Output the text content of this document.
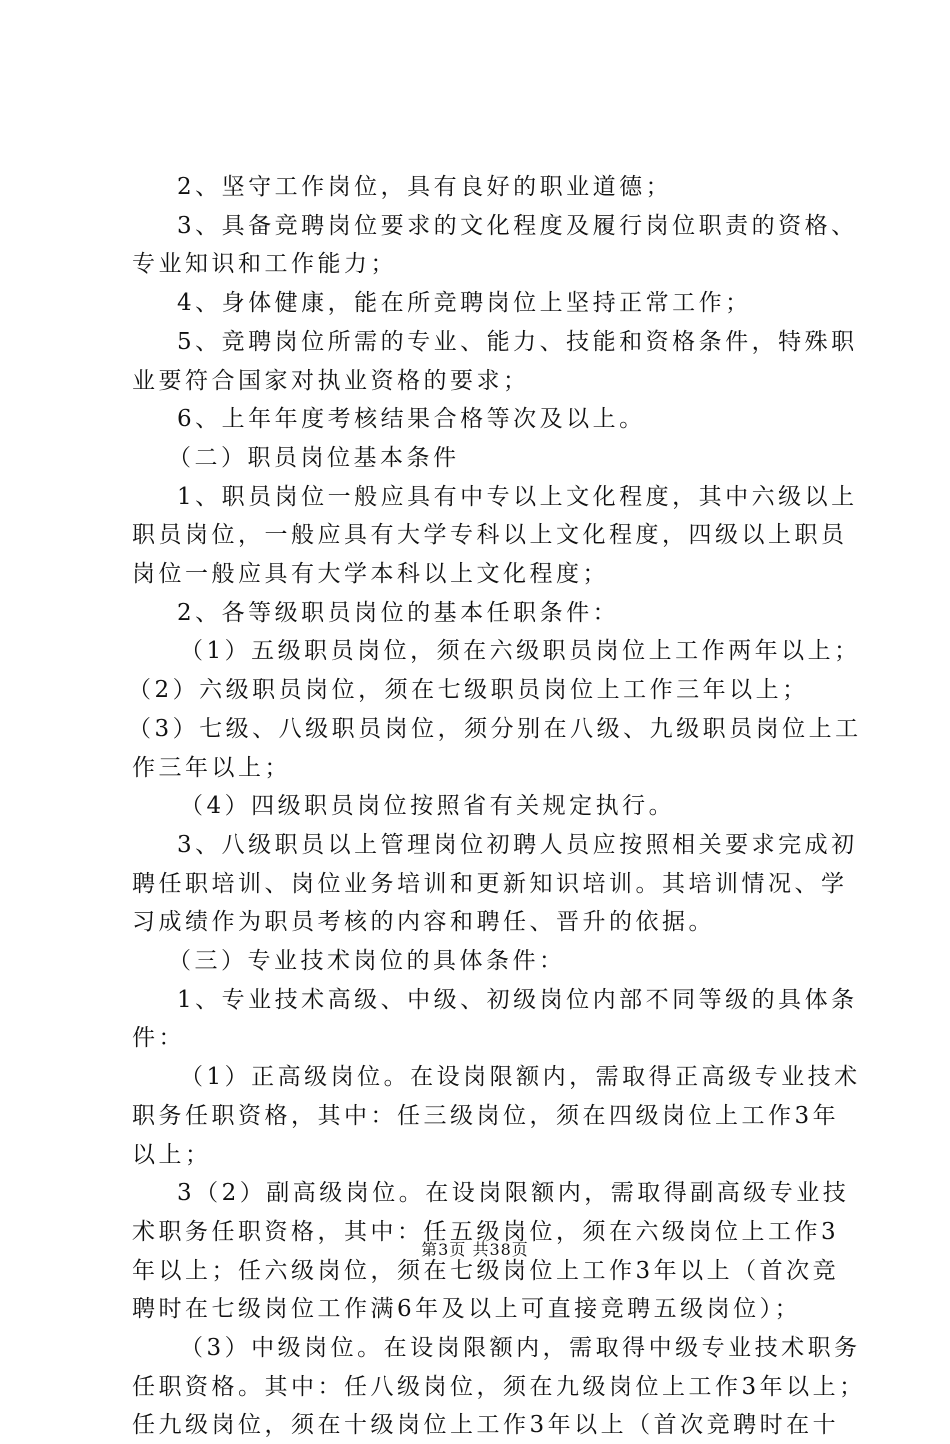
2、坚守工作岗位，具有良好的职业道德；
3、具备竞聘岗位要求的文化程度及履行岗位职责的资格、
专业知识和工作能力；
4、身体健康，能在所竞聘岗位上坚持正常工作；
5、竞聘岗位所需的专业、能力、技能和资格条件，特殊职
业要符合国家对执业资格的要求；
6、上年年度考核结果合格等次及以上。
（二）职员岗位基本条件
1、职员岗位一般应具有中专以上文化程度，其中六级以上
职员岗位，一般应具有大学专科以上文化程度，四级以上职员
岗位一般应具有大学本科以上文化程度；
2、各等级职员岗位的基本任职条件：
（1）五级职员岗位，须在六级职员岗位上工作两年以上；
（2）六级职员岗位，须在七级职员岗位上工作三年以上；
（3）七级、八级职员岗位，须分别在八级、九级职员岗位上工
作三年以上；
（4）四级职员岗位按照省有关规定执行。
3、八级职员以上管理岗位初聘人员应按照相关要求完成初
聘任职培训、岗位业务培训和更新知识培训。其培训情况、学
习成绩作为职员考核的内容和聘任、晋升的依据。
（三）专业技术岗位的具体条件：
1、专业技术高级、中级、初级岗位内部不同等级的具体条
件：
（1）正高级岗位。在设岗限额内，需取得正高级专业技术
职务任职资格，其中：任三级岗位，须在四级岗位上工作3年
以上；
3（2）副高级岗位。在设岗限额内，需取得副高级专业技
术职务任职资格，其中：任五级岗位，须在六级岗位上工作3
年以上；任六级岗位，须在七级岗位上工作3年以上（首次竞
聘时在七级岗位工作满6年及以上可直接竞聘五级岗位）；
（3）中级岗位。在设岗限额内，需取得中级专业技术职务
任职资格。其中：任八级岗位，须在九级岗位上工作3年以上；
任九级岗位，须在十级岗位上工作3年以上（首次竞聘时在十
第3页 共38页
